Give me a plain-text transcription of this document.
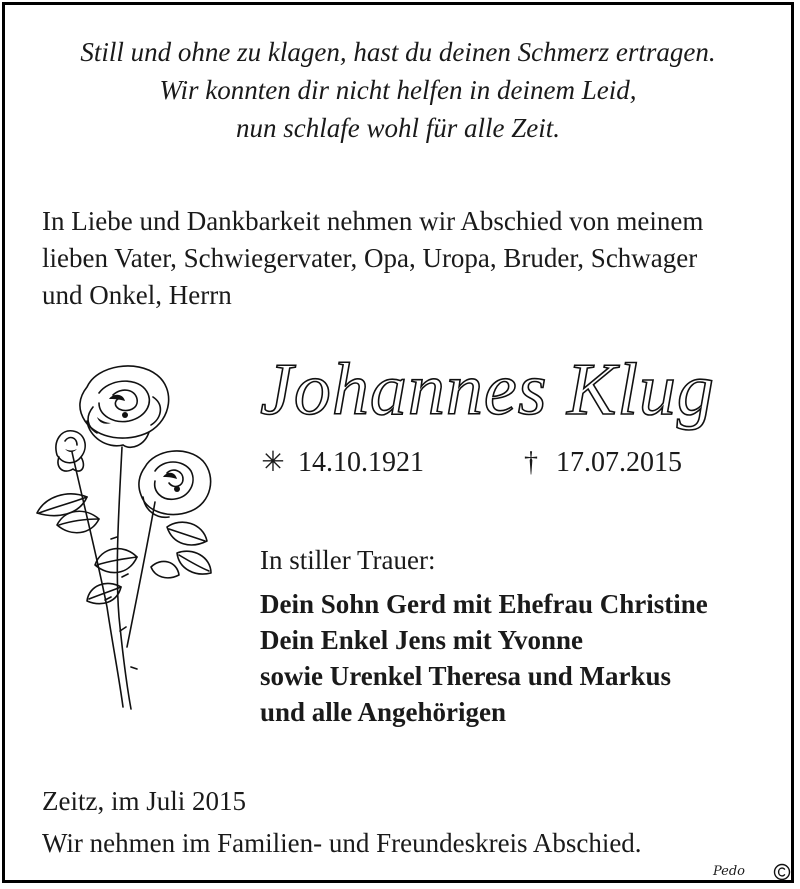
Still und ohne zu klagen, hast du deinen Schmerz ertragen.
Wir konnten dir nicht helfen in deinem Leid,
nun schlafe wohl für alle Zeit.
In Liebe und Dankbarkeit nehmen wir Abschied von meinem
lieben Vater, Schwiegervater, Opa, Uropa, Bruder, Schwager
und Onkel, Herrn
Johannes Klug
✳ 14.10.1921	† 17.07.2015
In stiller Trauer:
Dein Sohn Gerd mit Ehefrau Christine
Dein Enkel Jens mit Yvonne
sowie Urenkel Theresa und Markus
und alle Angehörigen
Zeitz, im Juli 2015
Wir nehmen im Familien- und Freundeskreis Abschied.
Pedo
